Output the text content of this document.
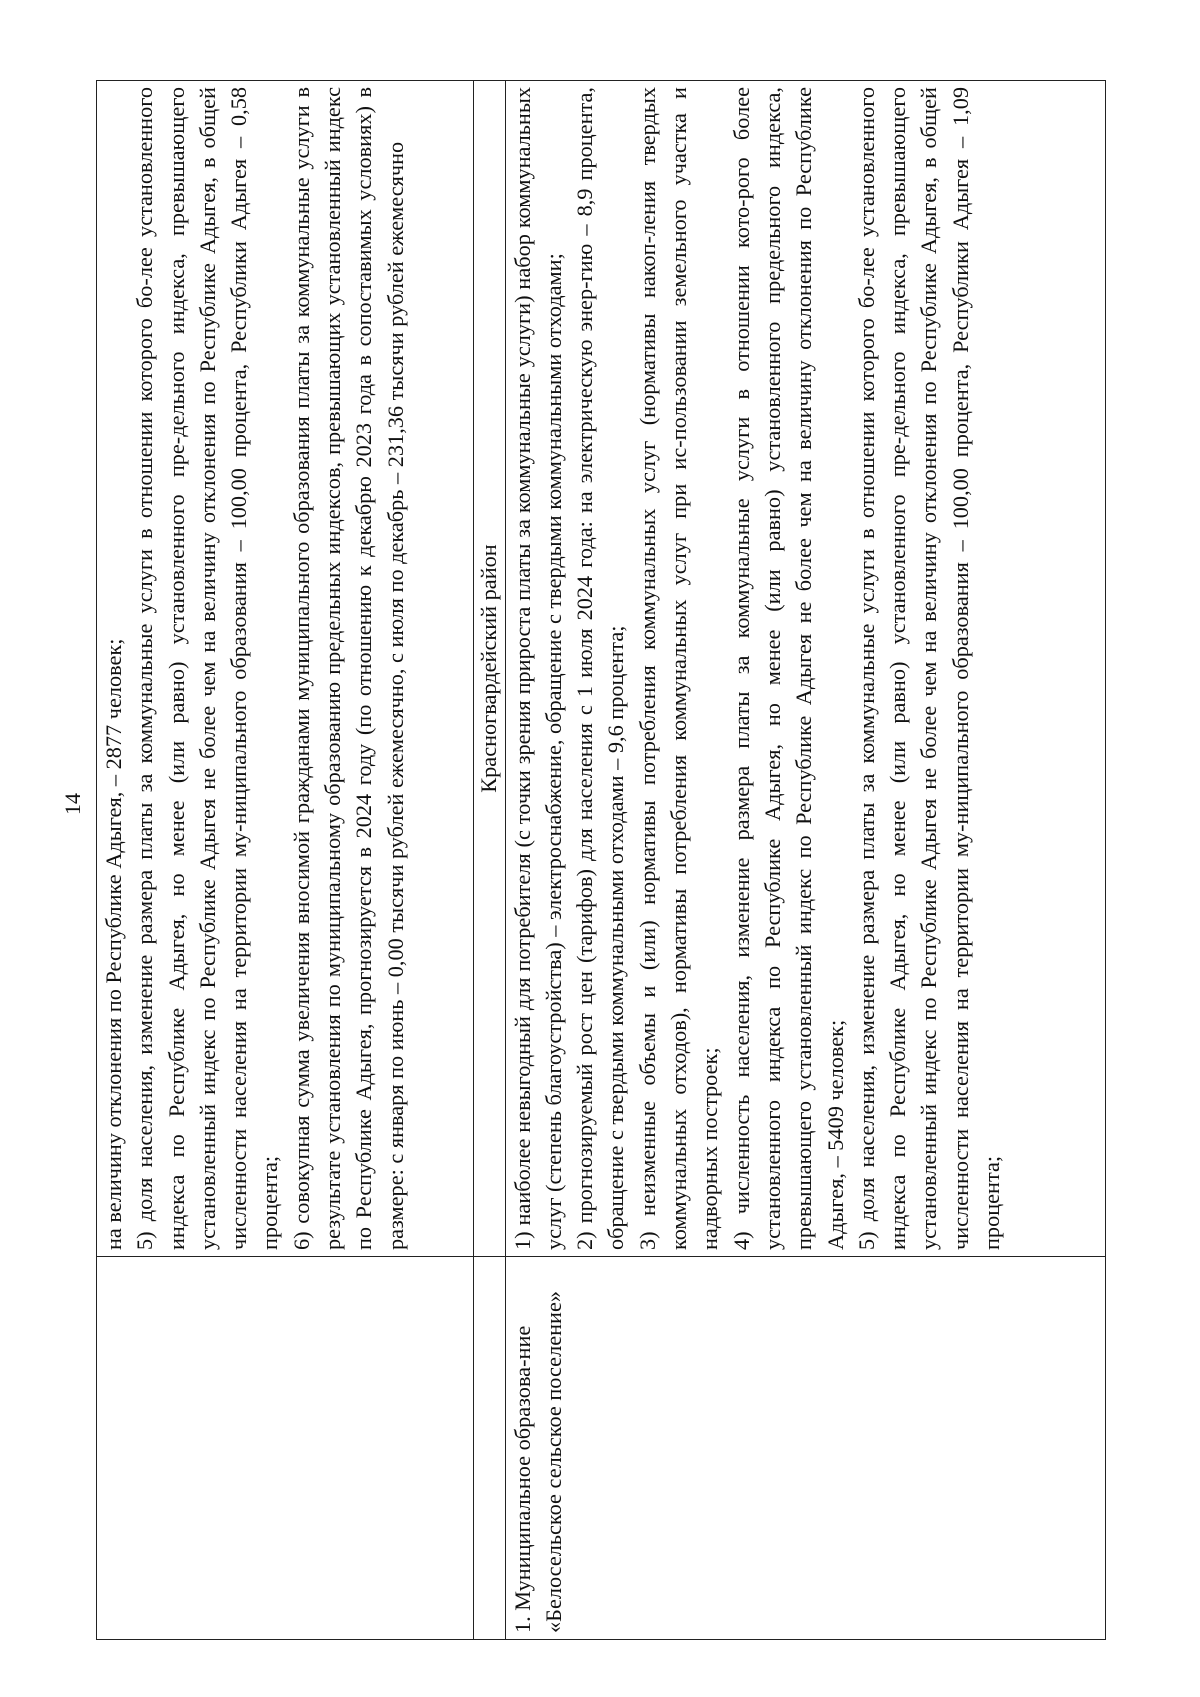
14

	на величину отклонения по Республике Адыгея, – 2877 человек; 5) доля населения, изменение размера платы за коммунальные услуги в отношении которого бо-лее установленного индекса по Республике Адыгея, но менее (или равно) установленного пре-дельного индекса, превышающего установленный индекс по Республике Адыгея не более чем на величину отклонения по Республике Адыгея, в общей численности населения на территории му-ниципального образования – 100,00 процента, Республики Адыгея – 0,58 процента; 6) совокупная сумма увеличения вносимой гражданами муниципального образования платы за коммунальные услуги в результате установления по муниципальному образованию предельных индексов, превышающих установленный индекс по Республике Адыгея, прогнозируется в 2024 году (по отношению к декабрю 2023 года в сопоставимых условиях) в размере: с января по июнь – 0,00 тысячи рублей ежемесячно, с июля по декабрь – 231,36 тысячи рублей ежемесячно

	Красногвардейский район
1. Муниципальное образова-ние «Белосельское сельское поселение»	1) наиболее невыгодный для потребителя (с точки зрения прироста платы за коммунальные услуги) набор коммунальных услуг (степень благоустройства) – электроснабжение, обращение с твердыми коммунальными отходами; 2) прогнозируемый рост цен (тарифов) для населения с 1 июля 2024 года: на электрическую энер-гию – 8,9 процента, обращение с твердыми коммунальными отходами – 9,6 процента; 3) неизменные объемы и (или) нормативы потребления коммунальных услуг (нормативы накоп-ления твердых коммунальных отходов), нормативы потребления коммунальных услуг при ис-пользовании земельного участка и надворных построек; 4) численность населения, изменение размера платы за коммунальные услуги в отношении кото-рого более установленного индекса по Республике Адыгея, но менее (или равно) установленного предельного индекса, превышающего установленный индекс по Республике Адыгея не более чем на величину отклонения по Республике Адыгея, – 5409 человек; 5) доля населения, изменение размера платы за коммунальные услуги в отношении которого бо-лее установленного индекса по Республике Адыгея, но менее (или равно) установленного пре-дельного индекса, превышающего установленный индекс по Республике Адыгея не более чем на величину отклонения по Республике Адыгея, в общей численности населения на территории му-ниципального образования – 100,00 процента, Республики Адыгея – 1,09 процента;
